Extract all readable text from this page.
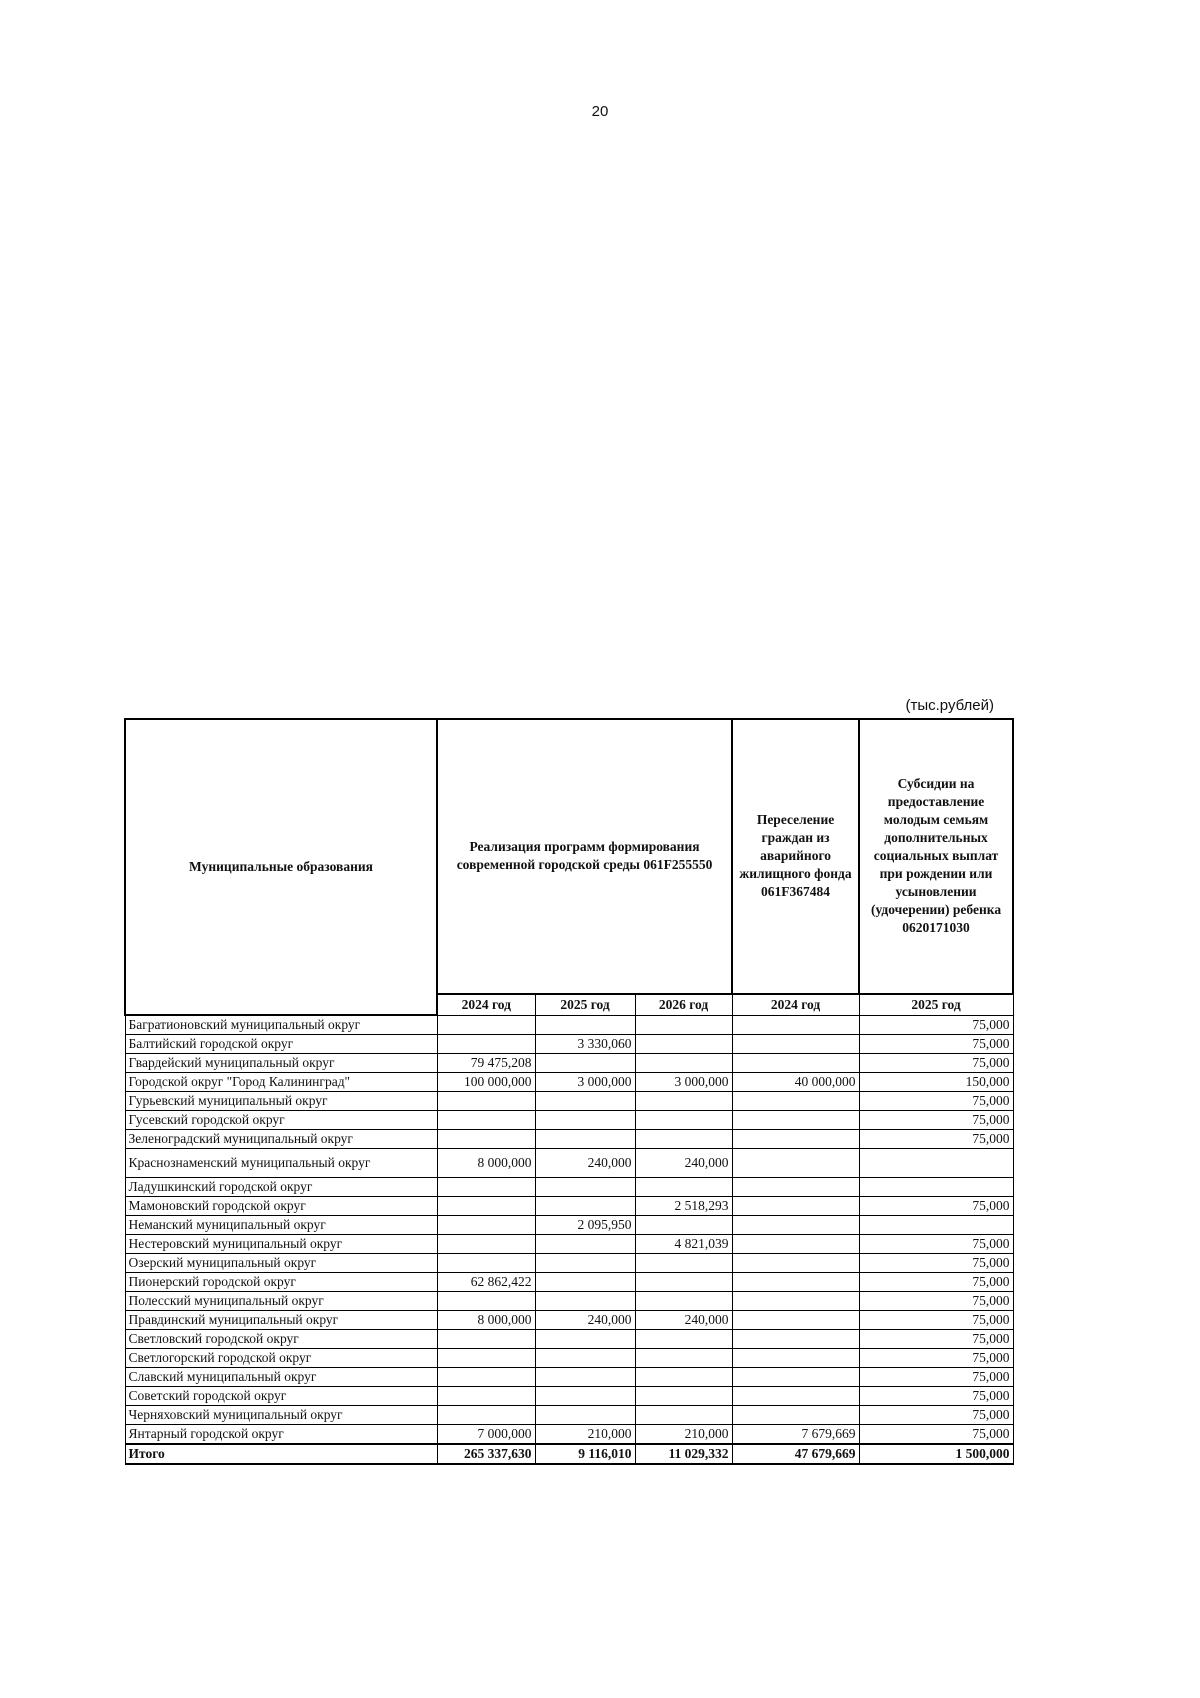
20
(тыс.рублей)
Муниципальные образования	Реализация программ формирования современной городской среды 061F255550			Переселение граждан из аварийного жилищного фонда 061F367484	Субсидии на предоставление молодым семьям дополнительных социальных выплат при рождении или усыновлении (удочерении) ребенка 0620171030
	2024 год	2025 год	2026 год	2024 год	2025 год
Багратионовский муниципальный округ					75,000
Балтийский городской округ		3 330,060			75,000
Гвардейский муниципальный округ	79 475,208				75,000
Городской округ "Город Калининград"	100 000,000	3 000,000	3 000,000	40 000,000	150,000
Гурьевский муниципальный округ					75,000
Гусевский городской округ					75,000
Зеленоградский муниципальный округ					75,000
Краснознаменский муниципальный округ	8 000,000	240,000	240,000		
Ладушкинский городской округ					
Мамоновский городской округ			2 518,293		75,000
Неманский муниципальный округ		2 095,950			
Нестеровский муниципальный округ			4 821,039		75,000
Озерский муниципальный округ					75,000
Пионерский городской округ	62 862,422				75,000
Полесский муниципальный округ					75,000
Правдинский муниципальный округ	8 000,000	240,000	240,000		75,000
Светловский городской округ					75,000
Светлогорский городской округ					75,000
Славский муниципальный округ					75,000
Советский городской округ					75,000
Черняховский муниципальный округ					75,000
Янтарный городской округ	7 000,000	210,000	210,000	7 679,669	75,000
Итого	265 337,630	9 116,010	11 029,332	47 679,669	1 500,000
